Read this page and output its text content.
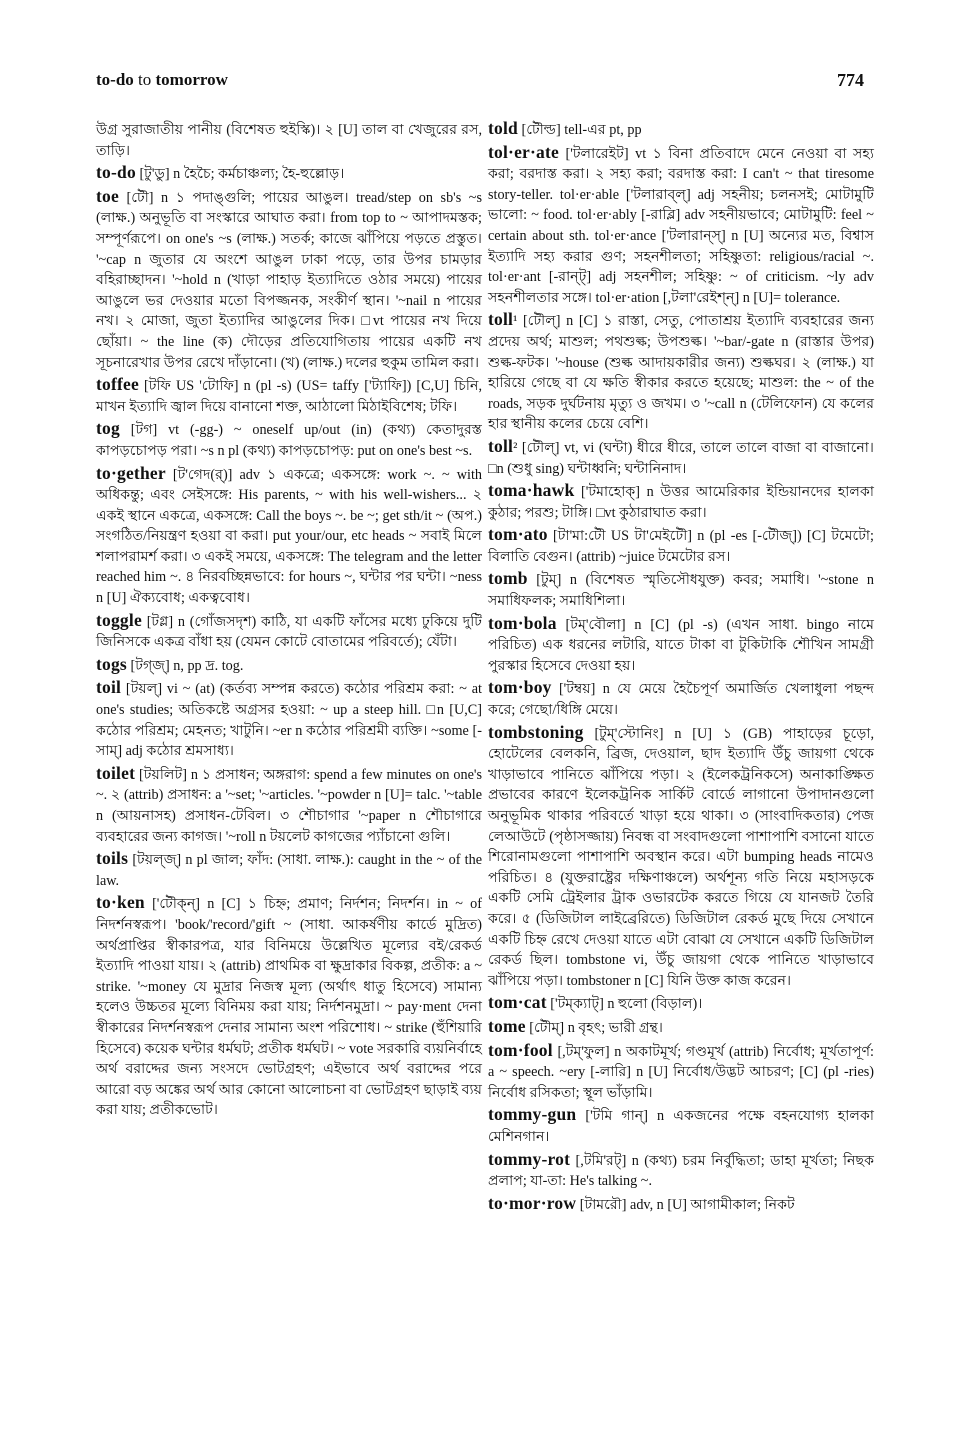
to-do to tomorrow	774

উগ্র সুরাজাতীয় পানীয় (বিশেষত হুইস্কি)। ২ [U] তাল বা খেজুরের রস, তাড়ি।

to-do [টু'ডু] n হৈচৈ; কর্মচাঞ্চল্য; হৈ-হুল্লোড়।

toe [টৌ] n ১ পদাঙ্গুলি; পায়ের আঙুল। tread/step on sb's ~s (লাক্ষ.) অনুভূতি বা সংস্কারে আঘাত করা। from top to ~ আপাদমস্তক; সম্পূর্ণরূপে। on one's ~s (লাক্ষ.) সতর্ক; কাজে ঝাঁপিয়ে পড়তে প্রস্তুত। '~cap n জুতার যে অংশে আঙুল ঢাকা পড়ে, তার উপর চামড়ার বহিরাচ্ছাদন। '~hold n (খাড়া পাহাড় ইত্যাদিতে ওঠার সময়ে) পায়ের আঙুলে ভর দেওয়ার মতো বিপজ্জনক, সংকীর্ণ স্থান। '~nail n পায়ের নখ। ২ মোজা, জুতা ইত্যাদির আঙুলের দিক। □vt পায়ের নখ দিয়ে ছোঁয়া। ~ the line (ক) দৌড়ের প্রতিযোগিতায় পায়ের একটি নখ সূচনারেখার উপর রেখে দাঁড়ানো। (খ) (লাক্ষ.) দলের হুকুম তামিল করা।

toffee [টফি US 'টোফি] n (pl -s) (US= taffy ['ট্যাফি]) [C,U] চিনি, মাখন ইত্যাদি জ্বাল দিয়ে বানানো শক্ত, আঠালো মিঠাইবিশেষ; টফি।

tog [টগ] vt (-gg-) ~ oneself up/out (in) (কথ্য) কেতাদুরস্ত কাপড়চোপড় পরা। ~s n pl (কথ্য) কাপড়চোপড়: put on one's best ~s.

to·gether [ট'গেদ(র্)] adv ১ একত্রে; একসঙ্গে: work ~. ~ with অধিকন্তু; এবং সেইসঙ্গে: His parents, ~ with his well-wishers... ২ একই স্থানে একত্রে, একসঙ্গে: Call the boys ~. be ~; get sth/it ~ (অপ.) সংগঠিত/নিয়ন্ত্রণ হওয়া বা করা। put your/our, etc heads ~ সবাই মিলে শলাপরামর্শ করা। ৩ একই সময়ে, একসঙ্গে: The telegram and the letter reached him ~. ৪ নিরবচ্ছিন্নভাবে: for hours ~, ঘন্টার পর ঘন্টা। ~ness n [U] ঐক্যবোধ; একত্ববোধ।

toggle [টগ্ল] n (গোঁজসদৃশ) কাঠি, যা একটি ফাঁসের মধ্যে ঢুকিয়ে দুটি জিনিসকে একত্র বাঁধা হয় (যেমন কোটে বোতামের পরিবর্তে); যেঁটা।

togs [টগ্জ্] n, pp দ্র. tog.

toil [টয়ল্] vi ~ (at) (কর্তব্য সম্পন্ন করতে) কঠোর পরিশ্রম করা: ~ at one's studies; অতিকষ্টে অগ্রসর হওয়া: ~ up a steep hill. □n [U,C] কঠোর পরিশ্রম; মেহনত; খাটুনি। ~er n কঠোর পরিশ্রমী ব্যক্তি। ~some [-সাম্] adj কঠোর শ্রমসাধ্য।

toilet [টয়লিট] n ১ প্রসাধন; অঙ্গরাগ: spend a few minutes on one's ~. ২ (attrib) প্রসাধন: a '~set; '~articles. '~powder n [U]= talc. '~table n (আয়নাসহ) প্রসাধন-টেবিল। ৩ শৌচাগার '~paper n শৌচাগারে ব্যবহারের জন্য কাগজ। '~roll n টয়লেট কাগজের প্যাঁচানো গুলি।

toils [টয়ল্জ্] n pl জাল; ফাঁদ: (সাধা. লাক্ষ.): caught in the ~ of the law.

to·ken ['টৌক্ন্] n [C] ১ চিহ্ন; প্রমাণ; নির্দশন; নিদর্শন। in ~ of নিদর্শনস্বরূপ। 'book/'record/'gift ~ (সাধা. আকর্ষণীয় কার্ডে মুদ্রিত) অর্থপ্রাপ্তির স্বীকারপত্র, যার বিনিময়ে উল্লেখিত মূল্যের বই/রেকর্ড ইত্যাদি পাওয়া যায়। ২ (attrib) প্রাথমিক বা ক্ষুদ্রাকার বিকল্প, প্রতীক: a ~ strike. '~money যে মুদ্রার নিজস্ব মূল্য (অর্থাৎ ধাতু হিসেবে) সামান্য হলেও উচ্চতর মূল্যে বিনিময় করা যায়; নির্দশনমুদ্রা। ~ pay·ment দেনা স্বীকারের নিদর্শনস্বরূপ দেনার সামান্য অংশ পরিশোধ। ~ strike (হুঁশিয়ারি হিসেবে) কয়েক ঘন্টার ধর্মঘট; প্রতীক ধর্মঘট। ~ vote সরকারি ব্যয়নির্বাহে অর্থ বরাদ্দের জন্য সংসদে ভোটগ্রহণ; এইভাবে অর্থ বরাদ্দের পরে আরো বড় অঙ্কের অর্থ আর কোনো আলোচনা বা ভোটগ্রহণ ছাড়াই ব্যয় করা যায়; প্রতীকভোট।

told [টৌল্ড] tell-এর pt, pp

tol·er·ate ['টলারেইট] vt ১ বিনা প্রতিবাদে মেনে নেওয়া বা সহ্য করা; বরদাস্ত করা। ২ সহ্য করা; বরদাস্ত করা: I can't ~ that tiresome story-teller. tol·er·able ['টলারাব্ল্] adj সহনীয়; চলনসই; মোটামুটি ভালো: ~ food. tol·er·ably [-রাব্লি] adv সহনীয়ভাবে; মোটামুটি: feel ~ certain about sth. tol·er·ance ['টলারান্স্] n [U] অন্যের মত, বিশ্বাস ইত্যাদি সহ্য করার গুণ; সহনশীলতা; সহিষ্ণুতা: religious/racial ~. tol·er·ant [-রান্ট্] adj সহনশীল; সহিষ্ণু: ~ of criticism. ~ly adv সহনশীলতার সঙ্গে। tol·er·ation [,টলা'রেইশ্ন্] n [U]= tolerance.

toll¹ [টৌল্] n [C] ১ রাস্তা, সেতু, পোতাশ্রয় ইত্যাদি ব্যবহারের জন্য প্রদেয় অর্থ; মাশুল; পথশুল্ক; উপশুল্ক। '~bar/-gate n (রাস্তার উপর) শুল্ক-ফটক। '~house (শুল্ক আদায়কারীর জন্য) শুল্কঘর। ২ (লাক্ষ.) যা হারিয়ে গেছে বা যে ক্ষতি স্বীকার করতে হয়েছে; মাশুল: the ~ of the roads, সড়ক দুর্ঘটনায় মৃত্যু ও জখম। ৩ '~call n (টেলিফোন) যে কলের হার স্থানীয় কলের চেয়ে বেশি।

toll² [টৌল্] vt, vi (ঘন্টা) ধীরে ধীরে, তালে তালে বাজা বা বাজানো। □n (শুধু sing) ঘন্টাধ্বনি; ঘন্টানিনাদ।

toma·hawk ['টমাহোক্] n উত্তর আমেরিকার ইন্ডিয়ানদের হালকা কুঠার; পরশু; টাঙ্গি। □vt কুঠারাঘাত করা।

tom·ato [টা'মা:টৌ US টা'মেইটৌ] n (pl -es [-টৌজ্]) [C] টমেটো; বিলাতি বেগুন। (attrib) ~juice টমেটোর রস।

tomb [টুম্] n (বিশেষত স্মৃতিসৌধযুক্ত) কবর; সমাধি। '~stone n সমাধিফলক; সমাধিশিলা।

tom·bola [টম্'বৌলা] n [C] (pl -s) (এখন সাধা. bingo নামে পরিচিত) এক ধরনের লটারি, যাতে টাকা বা টুকিটাকি শৌখিন সামগ্রী পুরস্কার হিসেবে দেওয়া হয়।

tom·boy ['টম্বয়] n যে মেয়ে হৈচৈপূর্ণ অমার্জিত খেলাধুলা পছন্দ করে; গেছো/ধিঙ্গি মেয়ে।

tombstoning [টুম্'স্টোনিং] n [U] ১ (GB) পাহাড়ের চূড়ো, হোটেলের বেলকনি, ব্রিজ, দেওয়াল, ছাদ ইত্যাদি উঁচু জায়গা থেকে খাড়াভাবে পানিতে ঝাঁপিয়ে পড়া। ২ (ইলেকট্রনিকসে) অনাকাঙ্ক্ষিত প্রভাবের কারণে ইলেকট্রনিক সার্কিট বোর্ডে লাগানো উপাদানগুলো অনুভূমিক থাকার পরিবর্তে খাড়া হয়ে থাকা। ৩ (সাংবাদিকতার) পেজ লেআউটে (পৃষ্ঠাসজ্জায়) নিবন্ধ বা সংবাদগুলো পাশাপাশি বসানো যাতে শিরোনামগুলো পাশাপাশি অবস্থান করে। এটা bumping heads নামেও পরিচিত। ৪ (যুক্তরাষ্ট্রের দক্ষিণাঞ্চলে) অর্থশূন্য গতি নিয়ে মহাসড়কে একটি সেমি ট্রেইলার ট্রাক ওভারটেক করতে গিয়ে যে যানজট তৈরি করে। ৫ (ডিজিটাল লাইব্রেরিতে) ডিজিটাল রেকর্ড মুছে দিয়ে সেখানে একটি চিহ্ন রেখে দেওয়া যাতে এটা বোঝা যে সেখানে একটি ডিজিটাল রেকর্ড ছিল। tombstone vi, উঁচু জায়গা থেকে পানিতে খাড়াভাবে ঝাঁপিয়ে পড়া। tombstoner n [C] যিনি উক্ত কাজ করেন।

tom·cat ['টম্ক্যাট্] n হুলো (বিড়াল)।

tome [টৌম্] n বৃহৎ; ভারী গ্রন্থ।

tom·fool [,টম্'ফুল] n অকাটমূর্খ; গণ্ডমূর্খ (attrib) নির্বোধ; মূর্খতাপূর্ণ: a ~ speech. ~ery [-লারি] n [U] নির্বোধ/উদ্ভট আচরণ; [C] (pl -ries) নির্বোধ রসিকতা; স্থূল ভাঁড়ামি।

tommy-gun ['টমি গান্] n একজনের পক্ষে বহনযোগ্য হালকা মেশিনগান।

tommy-rot [,টমি'রট্] n (কথ্য) চরম নির্বুদ্ধিতা; ডাহা মূর্খতা; নিছক প্রলাপ; যা-তা: He's talking ~.

to·mor·row [টামরৌ] adv, n [U] আগামীকাল; নিকট
